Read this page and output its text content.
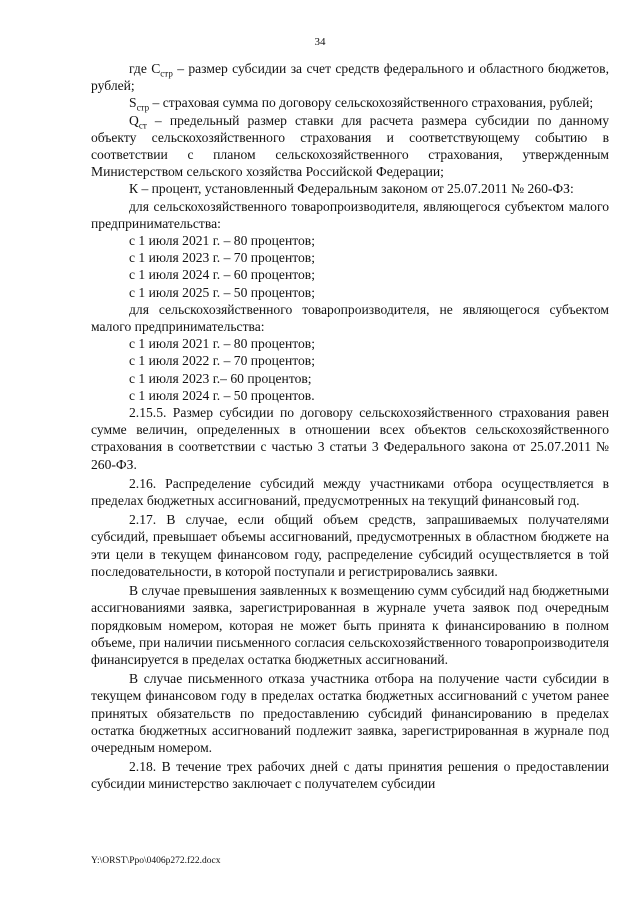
34

где $С_{стр}$ – размер субсидии за счет средств федерального и областного бюджетов, рублей;

$S_{стр}$ – страховая сумма по договору сельскохозяйственного страхования, рублей;

$Q_{ст}$ – предельный размер ставки для расчета размера субсидии по данному объекту сельскохозяйственного страхования и соответствующему событию в соответствии с планом сельскохозяйственного страхования, утвержденным Министерством сельского хозяйства Российской Федерации;

К – процент, установленный Федеральным законом от 25.07.2011 № 260-ФЗ:

для сельскохозяйственного товаропроизводителя, являющегося субъектом малого предпринимательства:

с 1 июля 2021 г. – 80 процентов;

с 1 июля 2023 г. – 70 процентов;

с 1 июля 2024 г. – 60 процентов;

с 1 июля 2025 г. – 50 процентов;

для сельскохозяйственного товаропроизводителя, не являющегося субъектом малого предпринимательства:

с 1 июля 2021 г. – 80 процентов;

с 1 июля 2022 г. – 70 процентов;

с 1 июля 2023 г.– 60 процентов;

с 1 июля 2024 г. – 50 процентов.

2.15.5. Размер субсидии по договору сельскохозяйственного страхования равен сумме величин, определенных в отношении всех объектов сельскохозяйственного страхования в соответствии с частью 3 статьи 3 Федерального закона от 25.07.2011 № 260-ФЗ.

2.16. Распределение субсидий между участниками отбора осуществляется в пределах бюджетных ассигнований, предусмотренных на текущий финансовый год.

2.17. В случае, если общий объем средств, запрашиваемых получателями субсидий, превышает объемы ассигнований, предусмотренных в областном бюджете на эти цели в текущем финансовом году, распределение субсидий осуществляется в той последовательности, в которой поступали и регистрировались заявки.

В случае превышения заявленных к возмещению сумм субсидий над бюджетными ассигнованиями заявка, зарегистрированная в журнале учета заявок под очередным порядковым номером, которая не может быть принята к финансированию в полном объеме, при наличии письменного согласия сельскохозяйственного товаропроизводителя финансируется в пределах остатка бюджетных ассигнований.

В случае письменного отказа участника отбора на получение части субсидии в текущем финансовом году в пределах остатка бюджетных ассигнований с учетом ранее принятых обязательств по предоставлению субсидий финансированию в пределах остатка бюджетных ассигнований подлежит заявка, зарегистрированная в журнале под очередным номером.

2.18. В течение трех рабочих дней с даты принятия решения о предоставлении субсидии министерство заключает с получателем субсидии

Y:\ORST\Ppo\0406p272.f22.docx
